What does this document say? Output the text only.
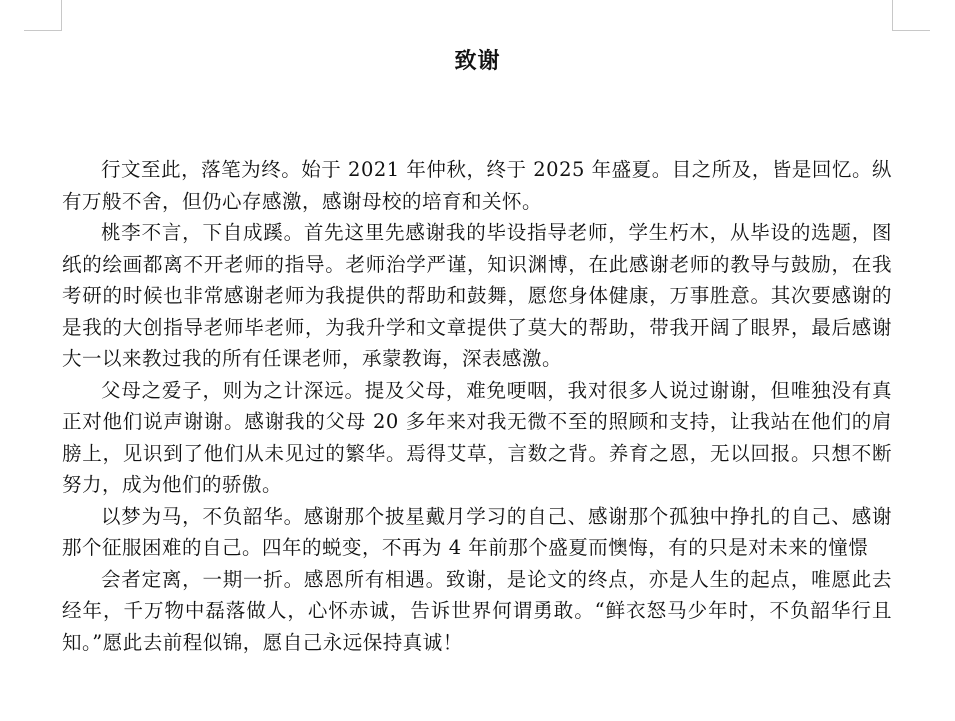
致谢

行文至此，落笔为终。始于 2021 年仲秋，终于 2025 年盛夏。目之所及，皆是回忆。纵有万般不舍，但仍心存感激，感谢母校的培育和关怀。

桃李不言，下自成蹊。首先这里先感谢我的毕设指导老师，学生朽木，从毕设的选题，图纸的绘画都离不开老师的指导。老师治学严谨，知识渊博，在此感谢老师的教导与鼓励，在我考研的时候也非常感谢老师为我提供的帮助和鼓舞，愿您身体健康，万事胜意。其次要感谢的是我的大创指导老师毕老师，为我升学和文章提供了莫大的帮助，带我开阔了眼界，最后感谢大一以来教过我的所有任课老师，承蒙教诲，深表感激。

父母之爱子，则为之计深远。提及父母，难免哽咽，我对很多人说过谢谢，但唯独没有真正对他们说声谢谢。感谢我的父母 20 多年来对我无微不至的照顾和支持，让我站在他们的肩膀上，见识到了他们从未见过的繁华。焉得艾草，言数之背。养育之恩，无以回报。只想不断努力，成为他们的骄傲。

以梦为马，不负韶华。感谢那个披星戴月学习的自己、感谢那个孤独中挣扎的自己、感谢那个征服困难的自己。四年的蜕变，不再为 4 年前那个盛夏而懊悔，有的只是对未来的憧憬

会者定离，一期一折。感恩所有相遇。致谢，是论文的终点，亦是人生的起点，唯愿此去经年，千万物中磊落做人，心怀赤诚，告诉世界何谓勇敢。“鲜衣怒马少年时，不负韶华行且知。”愿此去前程似锦，愿自己永远保持真诚！
